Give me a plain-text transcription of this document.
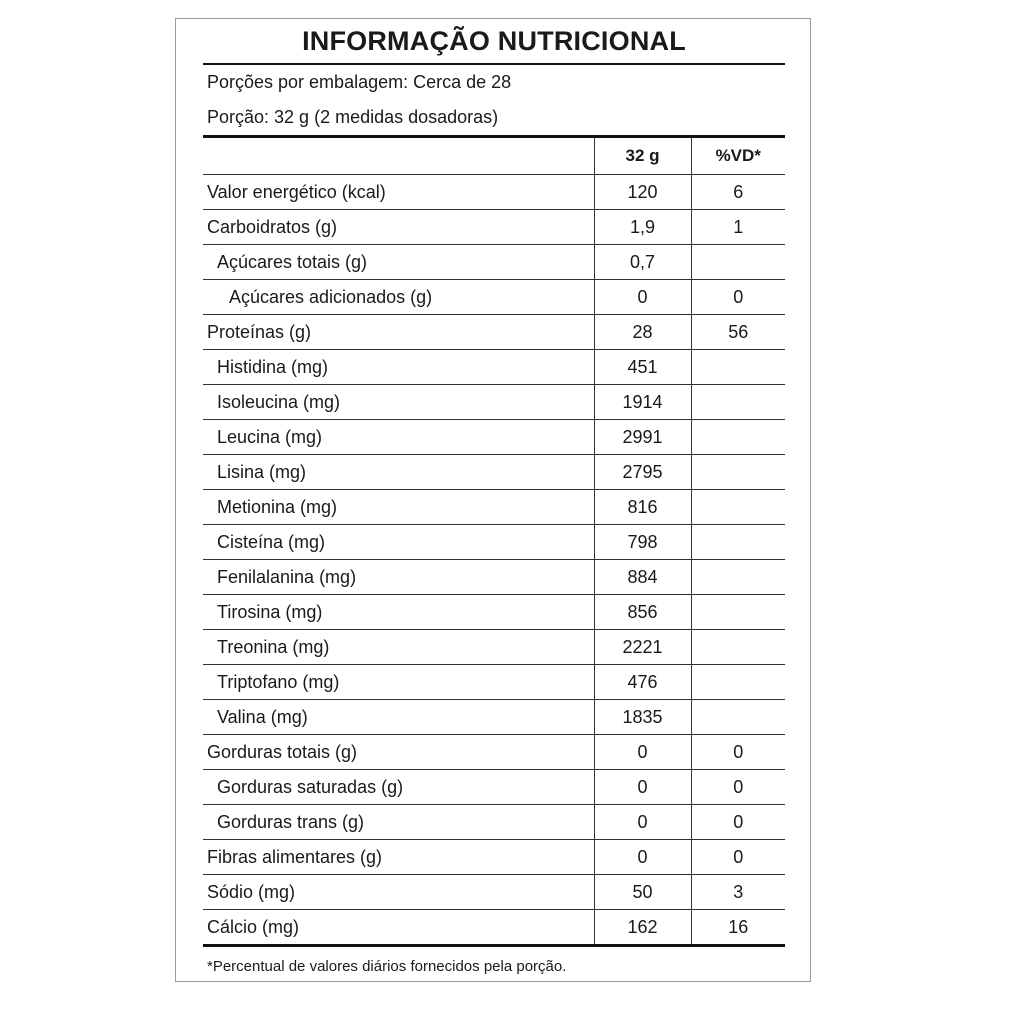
INFORMAÇÃO NUTRICIONAL
Porções por embalagem: Cerca de 28
Porção: 32 g (2 medidas dosadoras)
	32 g	%VD*
Valor energético (kcal)	120	6
Carboidratos (g)	1,9	1
Açúcares totais (g)	0,7	
Açúcares adicionados (g)	0	0
Proteínas (g)	28	56
Histidina (mg)	451	
Isoleucina (mg)	1914	
Leucina (mg)	2991	
Lisina (mg)	2795	
Metionina (mg)	816	
Cisteína (mg)	798	
Fenilalanina (mg)	884	
Tirosina (mg)	856	
Treonina (mg)	2221	
Triptofano (mg)	476	
Valina (mg)	1835	
Gorduras totais (g)	0	0
Gorduras saturadas (g)	0	0
Gorduras trans (g)	0	0
Fibras alimentares (g)	0	0
Sódio (mg)	50	3
Cálcio (mg)	162	16
*Percentual de valores diários fornecidos pela porção.
